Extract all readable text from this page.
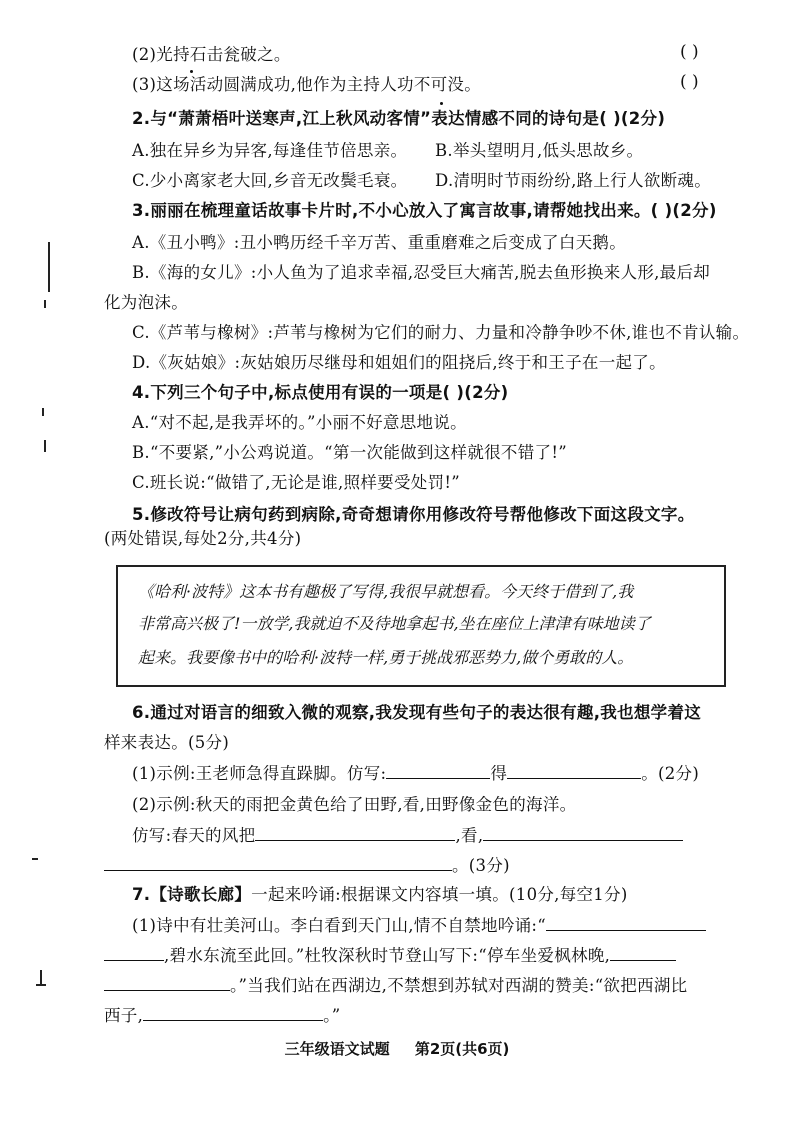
(2)光持石击瓮破之。	( )
(3)这场活动圆满成功,他作为主持人功不可没。	( )
2.与“萧萧梧叶送寒声,江上秋风动客情”表达情感不同的诗句是( )(2分)
A.独在异乡为异客,每逢佳节倍思亲。 B.举头望明月,低头思故乡。
C.少小离家老大回,乡音无改鬓毛衰。 D.清明时节雨纷纷,路上行人欲断魂。
3.丽丽在梳理童话故事卡片时,不小心放入了寓言故事,请帮她找出来。( )(2分)
A.《丑小鸭》:丑小鸭历经千辛万苦、重重磨难之后变成了白天鹅。
B.《海的女儿》:小人鱼为了追求幸福,忍受巨大痛苦,脱去鱼形换来人形,最后却
化为泡沫。
C.《芦苇与橡树》:芦苇与橡树为它们的耐力、力量和冷静争吵不休,谁也不肯认输。
D.《灰姑娘》:灰姑娘历尽继母和姐姐们的阻挠后,终于和王子在一起了。
4.下列三个句子中,标点使用有误的一项是( )(2分)
A.“对不起,是我弄坏的。”小丽不好意思地说。
B.“不要紧,”小公鸡说道。“第一次能做到这样就很不错了!”
C.班长说:“做错了,无论是谁,照样要受处罚!”
5.修改符号让病句药到病除,奇奇想请你用修改符号帮他修改下面这段文字。
(两处错误,每处2分,共4分)
《哈利·波特》这本书有趣极了写得,我很早就想看。今天终于借到了,我
非常高兴极了!一放学,我就迫不及待地拿起书,坐在座位上津津有味地读了
起来。我要像书中的哈利·波特一样,勇于挑战邪恶势力,做个勇敢的人。
6.通过对语言的细致入微的观察,我发现有些句子的表达很有趣,我也想学着这
样来表达。(5分)
(1)示例:王老师急得直跺脚。仿写:	得	。(2分)
(2)示例:秋天的雨把金黄色给了田野,看,田野像金色的海洋。
仿写:春天的风把	,看,
。(3分)
7.【诗歌长廊】一起来吟诵:根据课文内容填一填。(10分,每空1分)
(1)诗中有壮美河山。李白看到天门山,情不自禁地吟诵:“
,碧水东流至此回。”杜牧深秋时节登山写下:“停车坐爱枫林晚,
。”当我们站在西湖边,不禁想到苏轼对西湖的赞美:“欲把西湖比
西子,	。”
三年级语文试题 第2页(共6页)
